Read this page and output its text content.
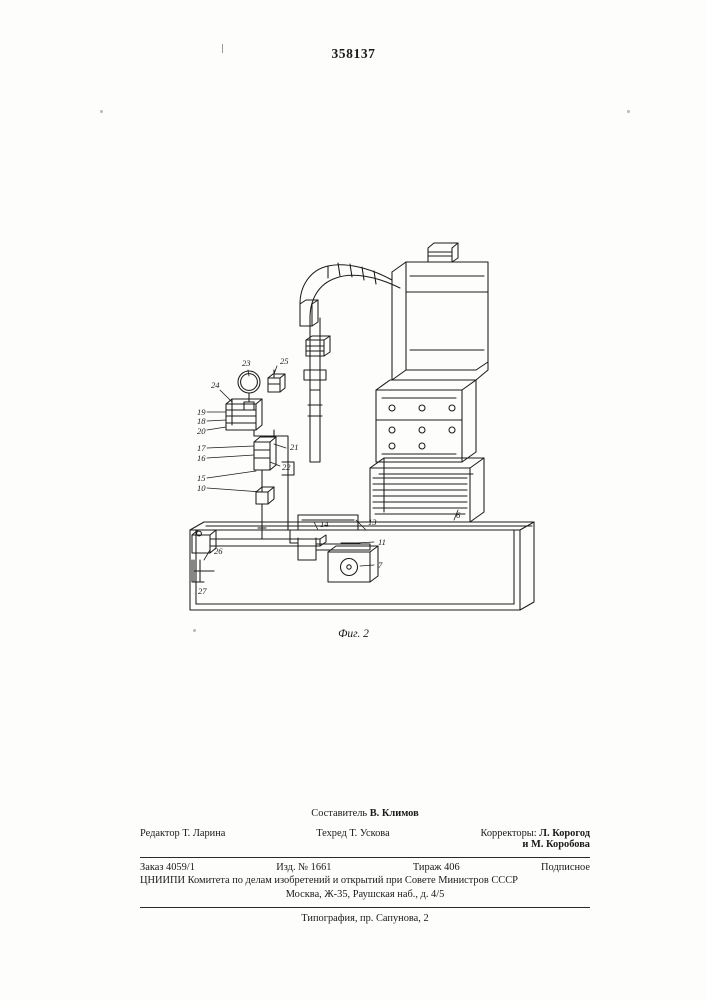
358137
23	25
24
19
18
20
21
17
16
22
15
10
14	13
6
11
7
26
27
Фиг. 2
Составитель В. Климов
Редактор Т. Ларина	Техред Т. Ускова	Корректоры: Л. Корогод
и М. Коробова
Заказ 4059/1	Изд. № 1661	Тираж 406	Подписное
ЦНИИПИ Комитета по делам изобретений и открытий при Совете Министров СССР
Москва, Ж-35, Раушская наб., д. 4/5
Типография, пр. Сапунова, 2
